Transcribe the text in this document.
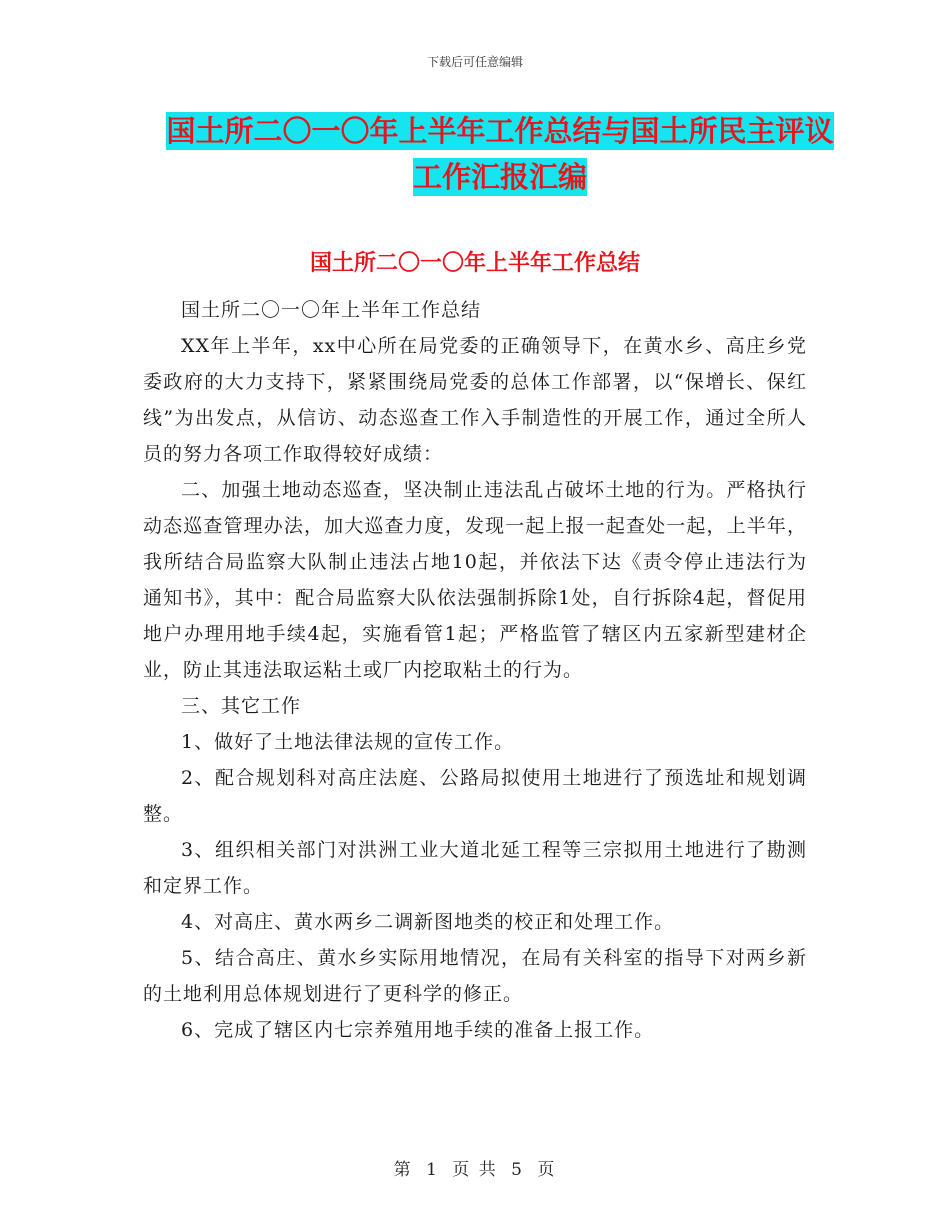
下载后可任意编辑
国土所二〇一〇年上半年工作总结与国土所民主评议
工作汇报汇编
国土所二〇一〇年上半年工作总结

国土所二〇一〇年上半年工作总结

XX年上半年，xx中心所在局党委的正确领导下，在黄水乡、高庄乡党委政府的大力支持下，紧紧围绕局党委的总体工作部署，以“保增长、保红线”为出发点，从信访、动态巡查工作入手制造性的开展工作，通过全所人员的努力各项工作取得较好成绩：

二、加强土地动态巡查，坚决制止违法乱占破坏土地的行为。严格执行动态巡查管理办法，加大巡查力度，发现一起上报一起查处一起，上半年，我所结合局监察大队制止违法占地10起，并依法下达《责令停止违法行为通知书》，其中：配合局监察大队依法强制拆除1处，自行拆除4起，督促用地户办理用地手续4起，实施看管1起；严格监管了辖区内五家新型建材企业，防止其违法取运粘土或厂内挖取粘土的行为。

三、其它工作

1、做好了土地法律法规的宣传工作。

2、配合规划科对高庄法庭、公路局拟使用土地进行了预选址和规划调整。

3、组织相关部门对洪洲工业大道北延工程等三宗拟用土地进行了勘测和定界工作。

4、对高庄、黄水两乡二调新图地类的校正和处理工作。

5、结合高庄、黄水乡实际用地情况，在局有关科室的指导下对两乡新的土地利用总体规划进行了更科学的修正。

6、完成了辖区内七宗养殖用地手续的准备上报工作。

第 1 页 共 5 页
